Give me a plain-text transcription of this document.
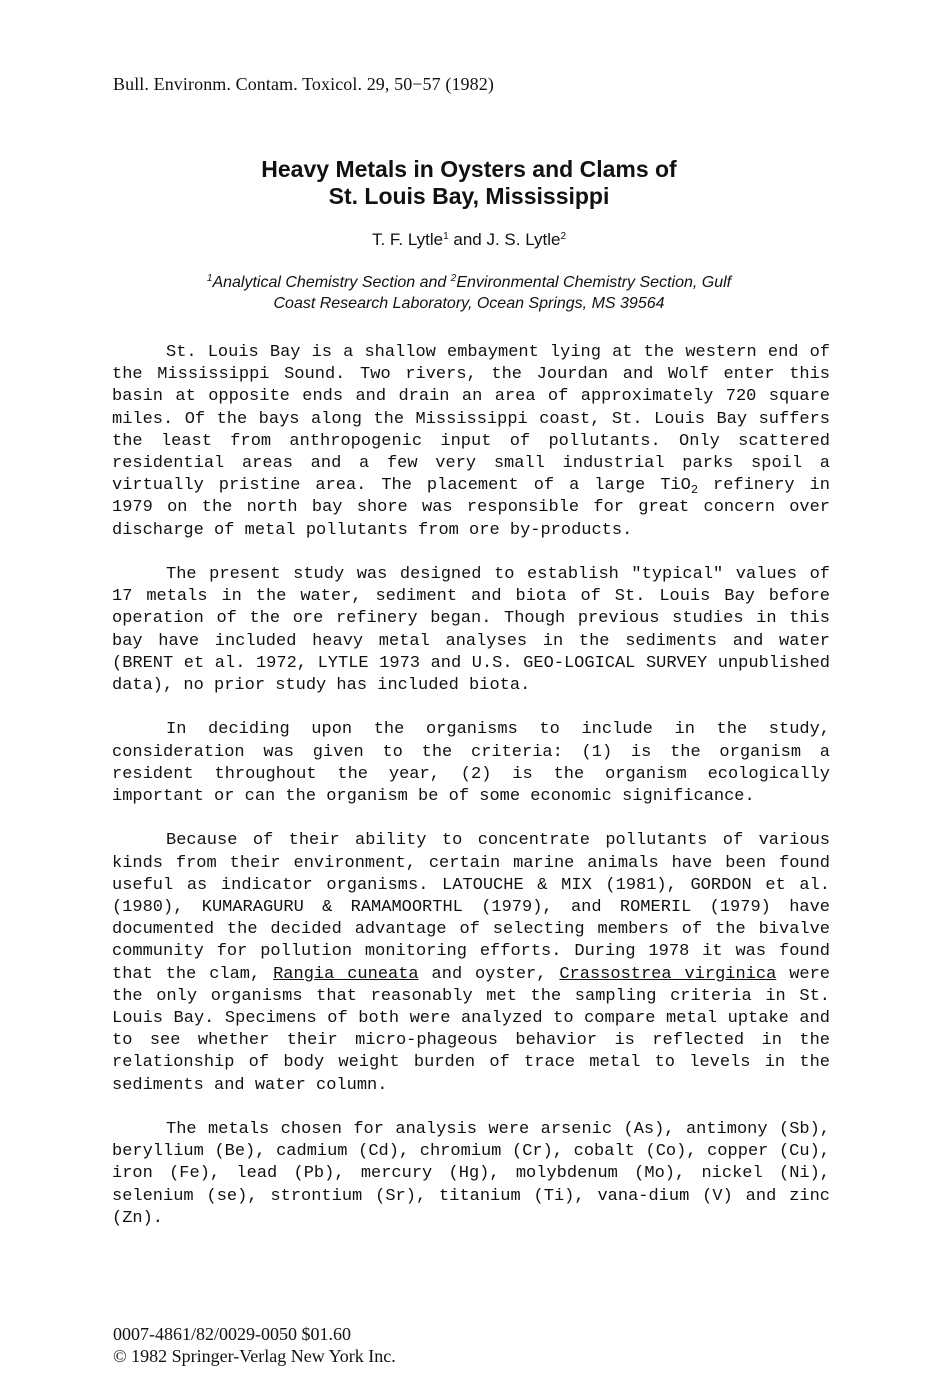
Bull. Environm. Contam. Toxicol. 29, 50−57 (1982)
Heavy Metals in Oysters and Clams of
St. Louis Bay, Mississippi
T. F. Lytle$^1$ and J. S. Lytle$^2$
$^1$Analytical Chemistry Section and $^2$Environmental Chemistry Section, Gulf
Coast Research Laboratory, Ocean Springs, MS 39564

St. Louis Bay is a shallow embayment lying at the western end of the Mississippi Sound. Two rivers, the Jourdan and Wolf enter this basin at opposite ends and drain an area of approximately 720 square miles. Of the bays along the Mississippi coast, St. Louis Bay suffers the least from anthropogenic input of pollutants. Only scattered residential areas and a few very small industrial parks spoil a virtually pristine area. The placement of a large TiO$_2$ refinery in 1979 on the north bay shore was responsible for great concern over discharge of metal pollutants from ore by-products.

The present study was designed to establish "typical" values of 17 metals in the water, sediment and biota of St. Louis Bay before operation of the ore refinery began. Though previous studies in this bay have included heavy metal analyses in the sediments and water (BRENT et al. 1972, LYTLE 1973 and U.S. GEO-LOGICAL SURVEY unpublished data), no prior study has included biota.

In deciding upon the organisms to include in the study, consideration was given to the criteria: (1) is the organism a resident throughout the year, (2) is the organism ecologically important or can the organism be of some economic significance.

Because of their ability to concentrate pollutants of various kinds from their environment, certain marine animals have been found useful as indicator organisms. LATOUCHE & MIX (1981), GORDON et al. (1980), KUMARAGURU & RAMAMOORTHL (1979), and ROMERIL (1979) have documented the decided advantage of selecting members of the bivalve community for pollution monitoring efforts. During 1978 it was found that the clam, Rangia cuneata and oyster, Crassostrea virginica were the only organisms that reasonably met the sampling criteria in St. Louis Bay. Specimens of both were analyzed to compare metal uptake and to see whether their micro-phageous behavior is reflected in the relationship of body weight burden of trace metal to levels in the sediments and water column.

The metals chosen for analysis were arsenic (As), antimony (Sb), beryllium (Be), cadmium (Cd), chromium (Cr), cobalt (Co), copper (Cu), iron (Fe), lead (Pb), mercury (Hg), molybdenum (Mo), nickel (Ni), selenium (se), strontium (Sr), titanium (Ti), vana-dium (V) and zinc (Zn).

0007-4861/82/0029-0050 $01.60
© 1982 Springer-Verlag New York Inc.
